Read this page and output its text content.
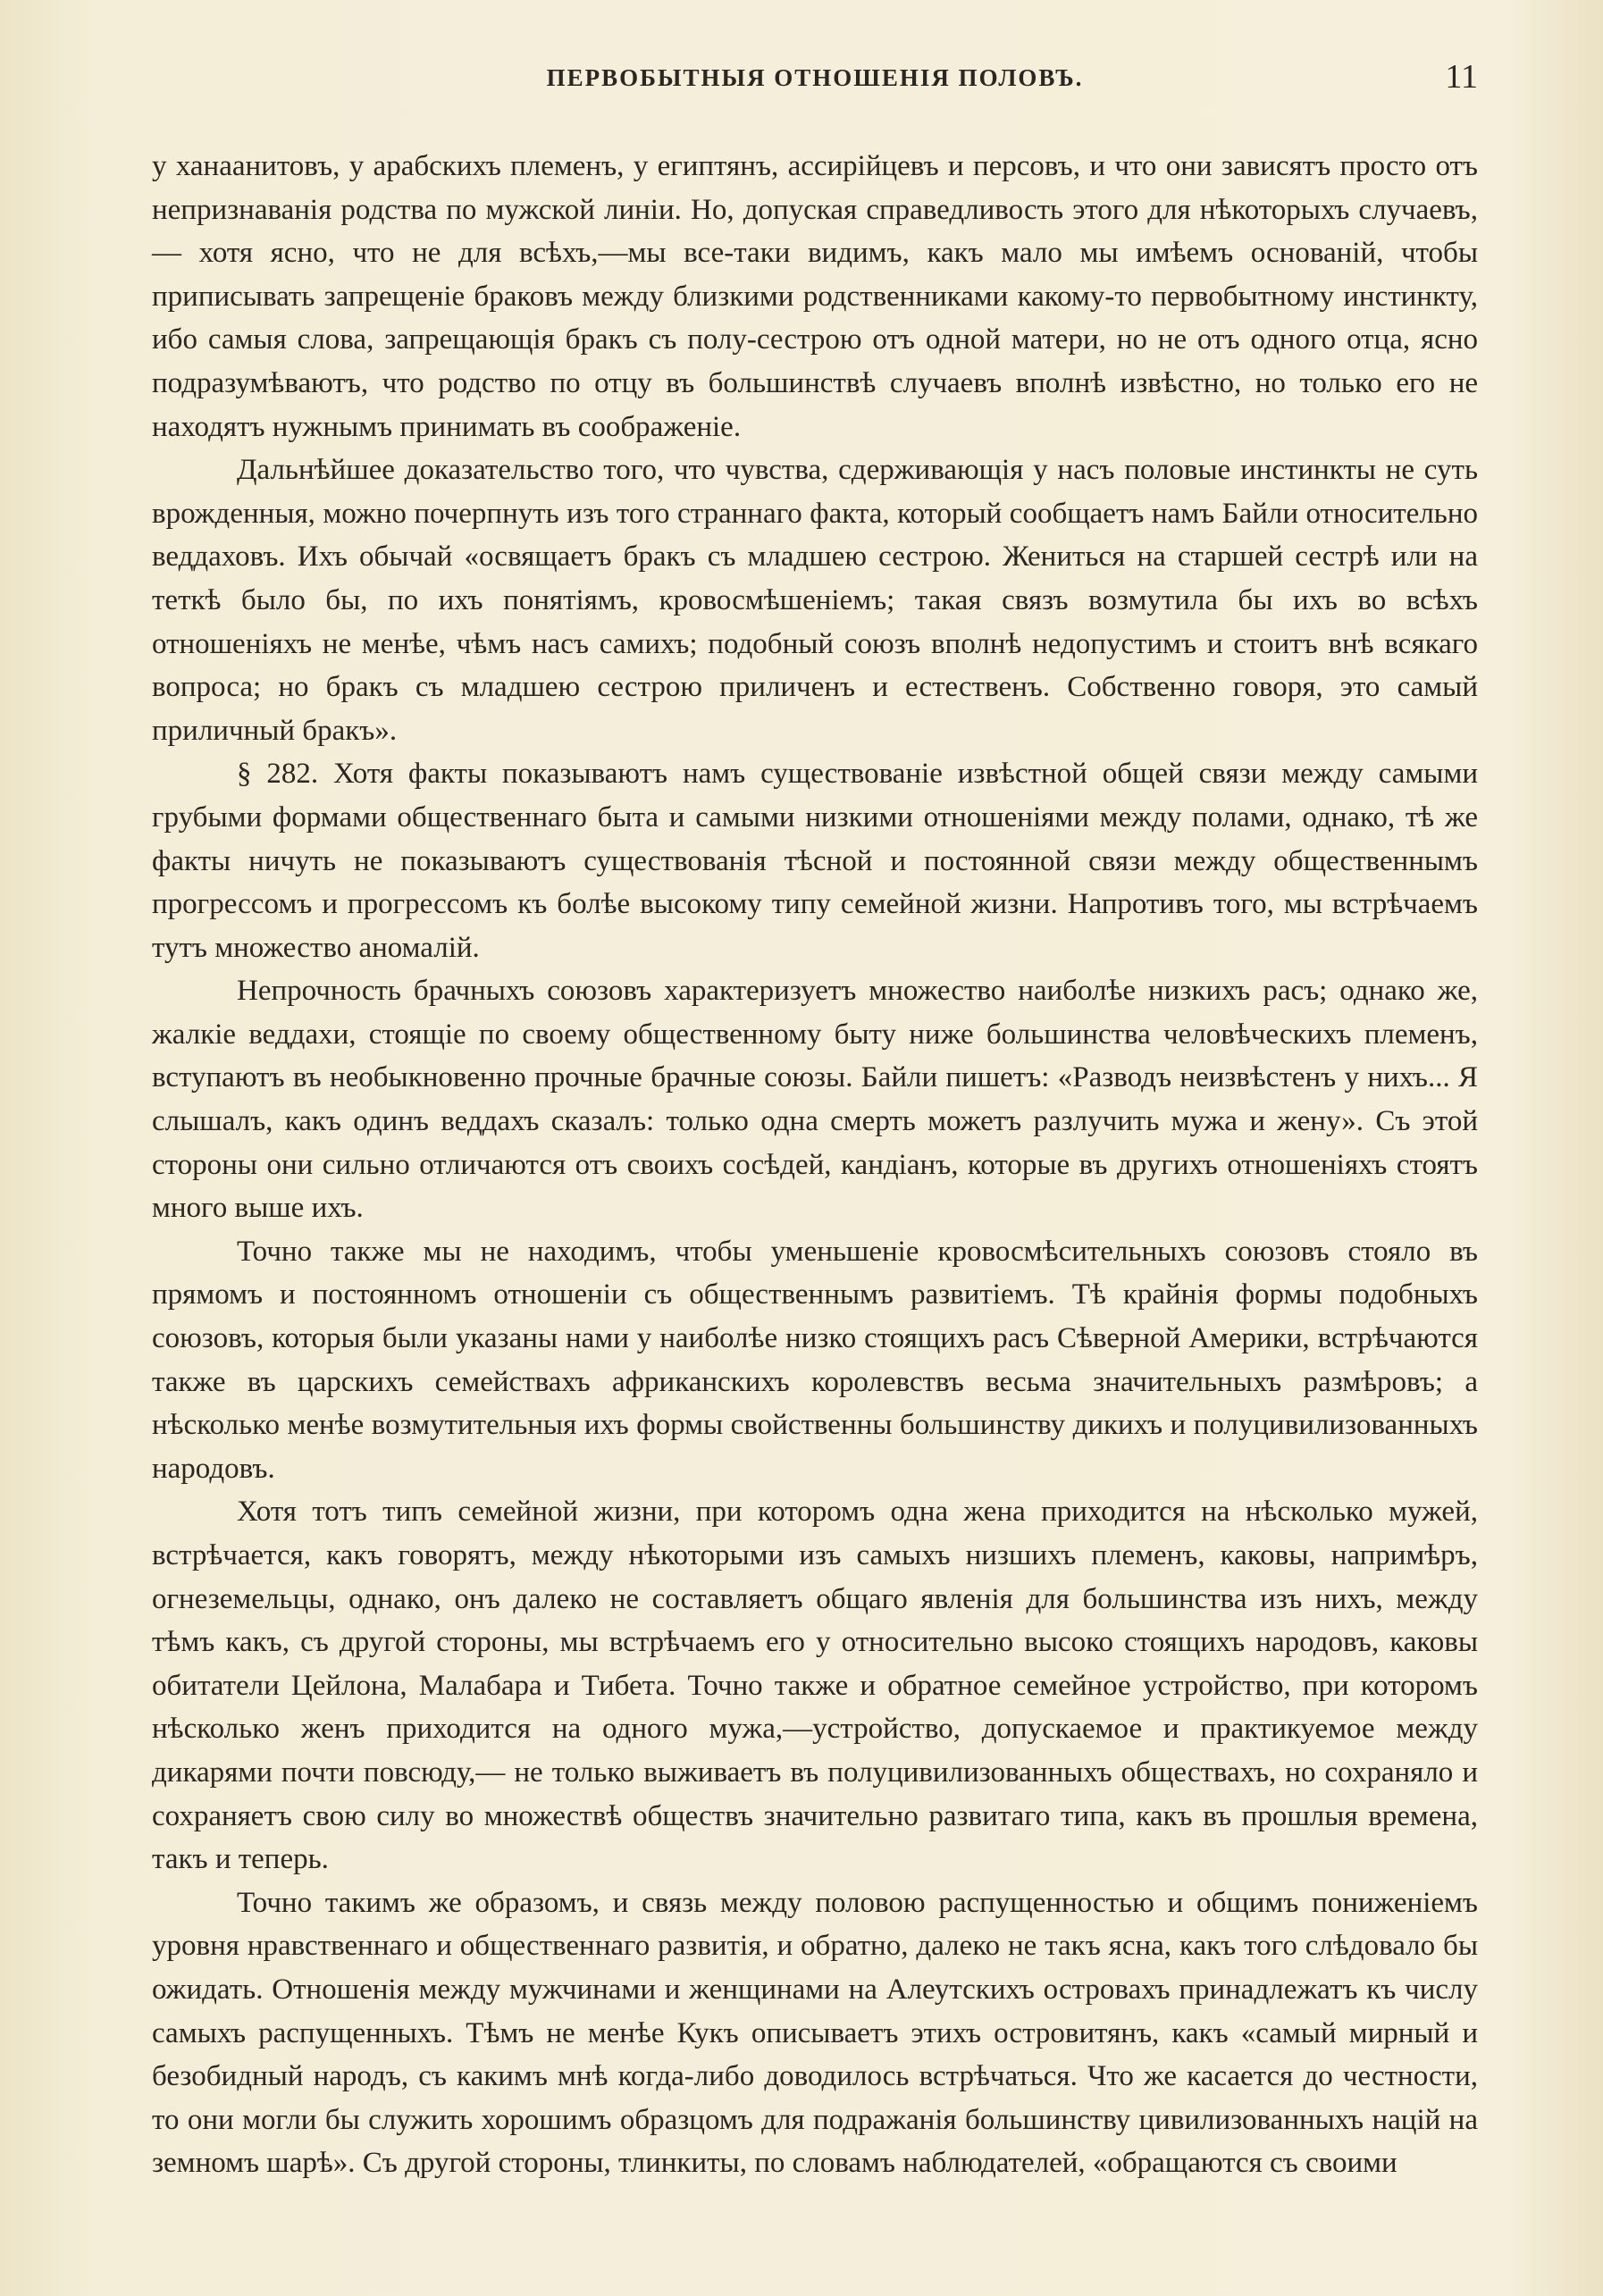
ПЕРВОБЫТНЫЯ ОТНОШЕНІЯ ПОЛОВЪ.	11

у ханаанитовъ, у арабскихъ племенъ, у египтянъ, ассирійцевъ и персовъ, и что они зависятъ просто отъ непризнаванія родства по мужской линіи. Но, допуская справедливость этого для нѣкоторыхъ случаевъ, — хотя ясно, что не для всѣхъ,—мы все-таки видимъ, какъ мало мы имѣемъ основаній, чтобы приписывать запрещеніе браковъ между близкими родственниками какому-то первобытному инстинкту, ибо самыя слова, запрещающія бракъ съ полу-сестрою отъ одной матери, но не отъ одного отца, ясно подразумѣваютъ, что родство по отцу въ большинствѣ случаевъ вполнѣ извѣстно, но только его не находятъ нужнымъ принимать въ соображеніе.

Дальнѣйшее доказательство того, что чувства, сдерживающія у насъ половые инстинкты не суть врожденныя, можно почерпнуть изъ того страннаго факта, который сообщаетъ намъ Байли относительно веддаховъ. Ихъ обычай «освящаетъ бракъ съ младшею сестрою. Жениться на старшей сестрѣ или на теткѣ было бы, по ихъ понятіямъ, кровосмѣшеніемъ; такая связъ возмутила бы ихъ во всѣхъ отношеніяхъ не менѣе, чѣмъ насъ самихъ; подобный союзъ вполнѣ недопустимъ и стоитъ внѣ всякаго вопроса; но бракъ съ младшею сестрою приличенъ и естественъ. Собственно говоря, это самый приличный бракъ».

§ 282. Хотя факты показываютъ намъ существованіе извѣстной общей связи между самыми грубыми формами общественнаго быта и самыми низкими отношеніями между полами, однако, тѣ же факты ничуть не показываютъ существованія тѣсной и постоянной связи между общественнымъ прогрессомъ и прогрессомъ къ болѣе высокому типу семейной жизни. Напротивъ того, мы встрѣчаемъ тутъ множество аномалій.

Непрочность брачныхъ союзовъ характеризуетъ множество наиболѣе низкихъ расъ; однако же, жалкіе веддахи, стоящіе по своему общественному быту ниже большинства человѣческихъ племенъ, вступаютъ въ необыкновенно прочные брачные союзы. Байли пишетъ: «Разводъ неизвѣстенъ у нихъ... Я слышалъ, какъ одинъ веддахъ сказалъ: только одна смерть можетъ разлучить мужа и жену». Съ этой стороны они сильно отличаются отъ своихъ сосѣдей, кандіанъ, которые въ другихъ отношеніяхъ стоятъ много выше ихъ.

Точно также мы не находимъ, чтобы уменьшеніе кровосмѣсительныхъ союзовъ стояло въ прямомъ и постоянномъ отношеніи съ общественнымъ развитіемъ. Тѣ крайнія формы подобныхъ союзовъ, которыя были указаны нами у наиболѣе низко стоящихъ расъ Сѣверной Америки, встрѣчаются также въ царскихъ семействахъ африканскихъ королевствъ весьма значительныхъ размѣровъ; а нѣсколько менѣе возмутительныя ихъ формы свойственны большинству дикихъ и полуцивилизованныхъ народовъ.

Хотя тотъ типъ семейной жизни, при которомъ одна жена приходится на нѣсколько мужей, встрѣчается, какъ говорятъ, между нѣкоторыми изъ самыхъ низшихъ племенъ, каковы, напримѣръ, огнеземельцы, однако, онъ далеко не составляетъ общаго явленія для большинства изъ нихъ, между тѣмъ какъ, съ другой стороны, мы встрѣчаемъ его у относительно высоко стоящихъ народовъ, каковы обитатели Цейлона, Малабара и Тибета. Точно также и обратное семейное устройство, при которомъ нѣсколько женъ приходится на одного мужа,—устройство, допускаемое и практикуемое между дикарями почти повсюду,— не только выживаетъ въ полуцивилизованныхъ обществахъ, но сохраняло и сохраняетъ свою силу во множествѣ обществъ значительно развитаго типа, какъ въ прошлыя времена, такъ и теперь.

Точно такимъ же образомъ, и связь между половою распущенностью и общимъ пониженіемъ уровня нравственнаго и общественнаго развитія, и обратно, далеко не такъ ясна, какъ того слѣдовало бы ожидать. Отношенія между мужчинами и женщинами на Алеутскихъ островахъ принадлежатъ къ числу самыхъ распущенныхъ. Тѣмъ не менѣе Кукъ описываетъ этихъ островитянъ, какъ «самый мирный и безобидный народъ, съ какимъ мнѣ когда-либо доводилось встрѣчаться. Что же касается до честности, то они могли бы служить хорошимъ образцомъ для подражанія большинству цивилизованныхъ націй на земномъ шарѣ». Съ другой стороны, тлинкиты, по словамъ наблюдателей, «обращаются съ своими
